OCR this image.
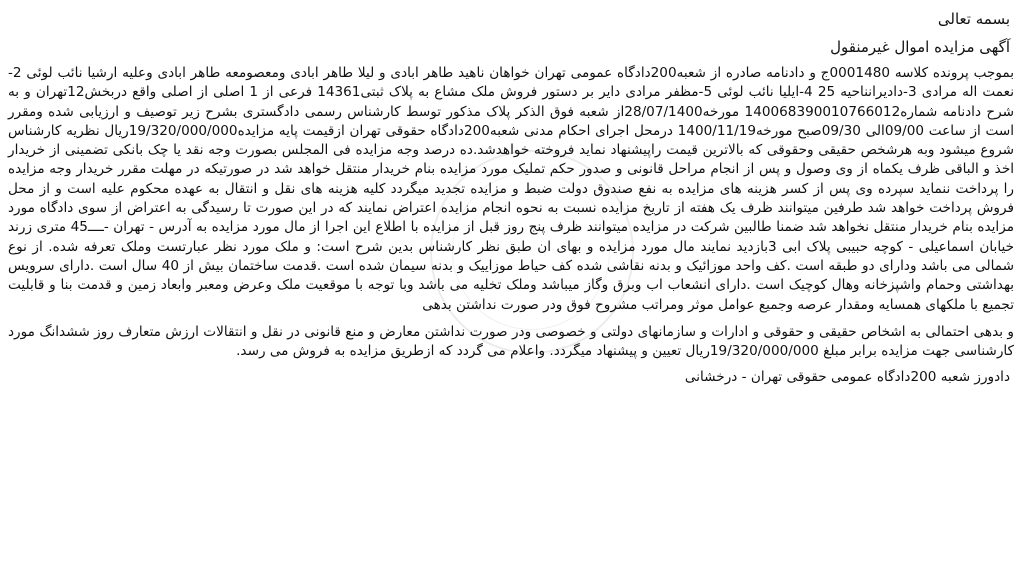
بسمه تعالی
آگهی مزایده اموال غیرمنقول

بموجب پرونده کلاسه 0001480ج و دادنامه صادره از شعبه200دادگاه عمومی تهران خواهان ناهید طاهر ابادی و لیلا طاهر ابادی ومعصومعه طاهر ابادی وعلیه ارشیا نائب لوئی 2- نعمت اله مرادی 3-دادیرانناحیه 25 4-ایلیا نائب لوئی 5-مظفر مرادی دایر بر دستور فروش ملک مشاع به پلاک ثبتی14361 فرعی از 1 اصلی از اصلی واقع دربخش12تهران و به شرح دادنامه شماره140068390010766012 مورخه28/07/1400از شعبه فوق الذکر پلاک مذکور توسط کارشناس رسمی دادگستری بشرح زیر توصیف و ارزیابی شده ومقرر است از ساعت 09/00الی 09/30صبح مورخه1400/11/19 درمحل اجرای احکام مدنی شعبه200دادگاه حقوقی تهران ازقیمت پایه مزایده19/320/000/000ریال نظریه کارشناس شروع میشود وبه هرشخص حقیقی وحقوقی که بالاترین قیمت راپیشنهاد نماید فروخته خواهدشد.ده درصد وجه مزایده فی المجلس بصورت وجه نقد یا چک بانکی تضمینی از خریدار اخذ و الباقی ظرف یکماه از وی وصول و پس از انجام مراحل قانونی و صدور حکم تملیک مورد مزایده بنام خریدار منتقل خواهد شد در صورتیکه در مهلت مقرر خریدار وجه مزایده را پرداخت ننماید سپرده وی پس از کسر هزینه های مزایده به نفع صندوق دولت ضبط و مزایده تجدید میگردد کلیه هزینه های نقل و انتقال به عهده محکوم علیه است و از محل فروش پرداخت خواهد شد طرفین میتوانند ظرف یک هفته از تاریخ مزایده نسبت به نحوه انجام مزایده اعتراض نمایند که در این صورت تا رسیدگی به اعتراض از سوی دادگاه مورد مزایده بنام خریدار منتقل نخواهد شد ضمنا طالبین شرکت در مزایده میتوانند ظرف پنج روز قبل از مزایده با اطلاع این اجرا از مال مورد مزایده به آدرس - تهران -ــــ45 متری زرند خیابان اسماعیلی - کوچه حبیبی پلاک ابی 3بازدید نمایند مال مورد مزایده و بهای ان طبق نظر کارشناس بدین شرح است: و ملک مورد نظر عبارتست وملک تعرفه شده. از نوع شمالی می باشد ودارای دو طبقه است .کف واحد موزائیک و بدنه نقاشی شده کف حیاط موزاییک و بدنه سیمان شده است .قدمت ساختمان بیش از 40 سال است .دارای سرویس بهداشتی وحمام واشپزخانه وهال کوچیک است .دارای انشعاب اب وبرق وگاز میباشد وملک تخلیه می باشد وبا توجه با موقعیت ملک وعرض ومعبر وابعاد زمین و قدمت بنا و قابلیت تجمیع با ملکهای همسایه ومقدار عرصه وجمیع عوامل موثر ومراتب مشروح فوق ودر صورت نداشتن بدهی

و بدهی احتمالی به اشخاص حقیقی و حقوقی و ادارات و سازمانهای دولتی و خصوصی ودر صورت نداشتن معارض و منع قانونی در نقل و انتقالات ارزش متعارف روز ششدانگ مورد کارشناسی جهت مزایده برابر مبلغ 19/320/000/000ریال تعیین و پیشنهاد میگردد. واعلام می گردد که ازطریق مزایده به فروش می رسد.

دادورز شعبه 200دادگاه عمومی حقوقی تهران - درخشانی
